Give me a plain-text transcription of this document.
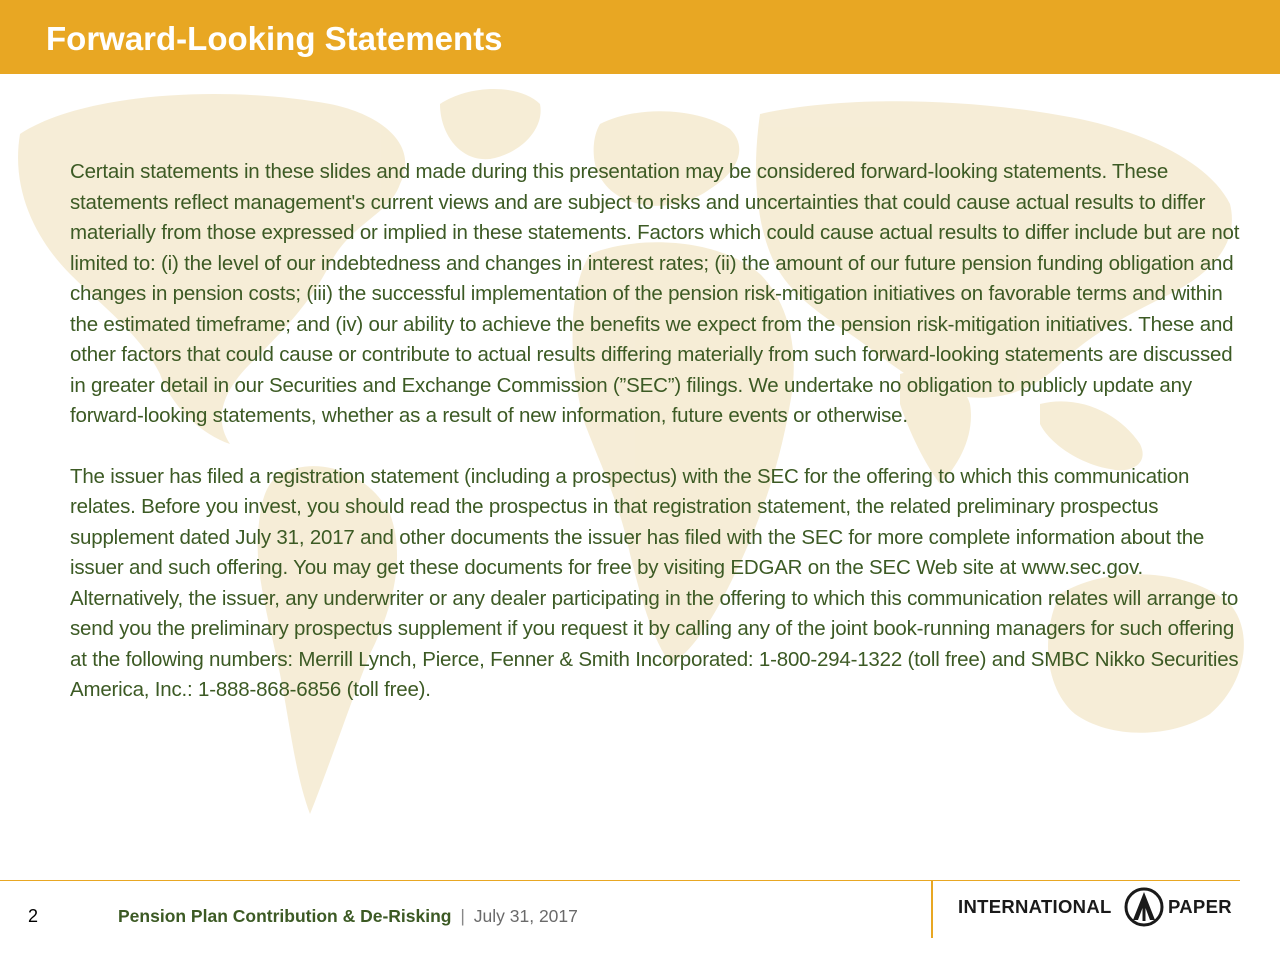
Forward-Looking Statements

Certain statements in these slides and made during this presentation may be considered forward-looking statements. These statements reflect management's current views and are subject to risks and uncertainties that could cause actual results to differ materially from those expressed or implied in these statements. Factors which could cause actual results to differ include but are not limited to: (i) the level of our indebtedness and changes in interest rates; (ii) the amount of our future pension funding obligation and changes in pension costs; (iii) the successful implementation of the pension risk-mitigation initiatives on favorable terms and within the estimated timeframe; and (iv) our ability to achieve the benefits we expect from the pension risk-mitigation initiatives. These and other factors that could cause or contribute to actual results differing materially from such forward-looking statements are discussed in greater detail in our Securities and Exchange Commission (”SEC”) filings. We undertake no obligation to publicly update any forward-looking statements, whether as a result of new information, future events or otherwise.

The issuer has filed a registration statement (including a prospectus) with the SEC for the offering to which this communication relates. Before you invest, you should read the prospectus in that registration statement, the related preliminary prospectus supplement dated July 31, 2017 and other documents the issuer has filed with the SEC for more complete information about the issuer and such offering. You may get these documents for free by visiting EDGAR on the SEC Web site at www.sec.gov. Alternatively, the issuer, any underwriter or any dealer participating in the offering to which this communication relates will arrange to send you the preliminary prospectus supplement if you request it by calling any of the joint book-running managers for such offering at the following numbers: Merrill Lynch, Pierce, Fenner & Smith Incorporated: 1-800-294-1322 (toll free) and SMBC Nikko Securities America, Inc.: 1-888-868-6856 (toll free).

2	Pension Plan Contribution & De-Risking | July 31, 2017	INTERNATIONAL	PAPER
